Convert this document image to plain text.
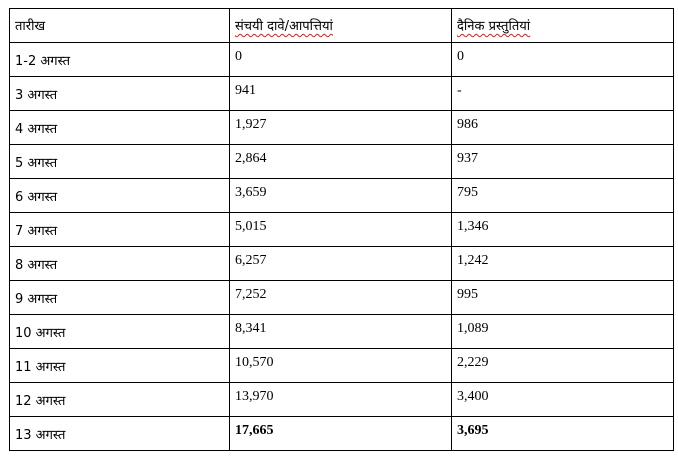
तारीख	संचयी दावे/आपत्तियां	दैनिक प्रस्तुतियां
1-2 अगस्त	0	0
3 अगस्त	941	-
4 अगस्त	1,927	986
5 अगस्त	2,864	937
6 अगस्त	3,659	795
7 अगस्त	5,015	1,346
8 अगस्त	6,257	1,242
9 अगस्त	7,252	995
10 अगस्त	8,341	1,089
11 अगस्त	10,570	2,229
12 अगस्त	13,970	3,400
13 अगस्त	17,665	3,695
